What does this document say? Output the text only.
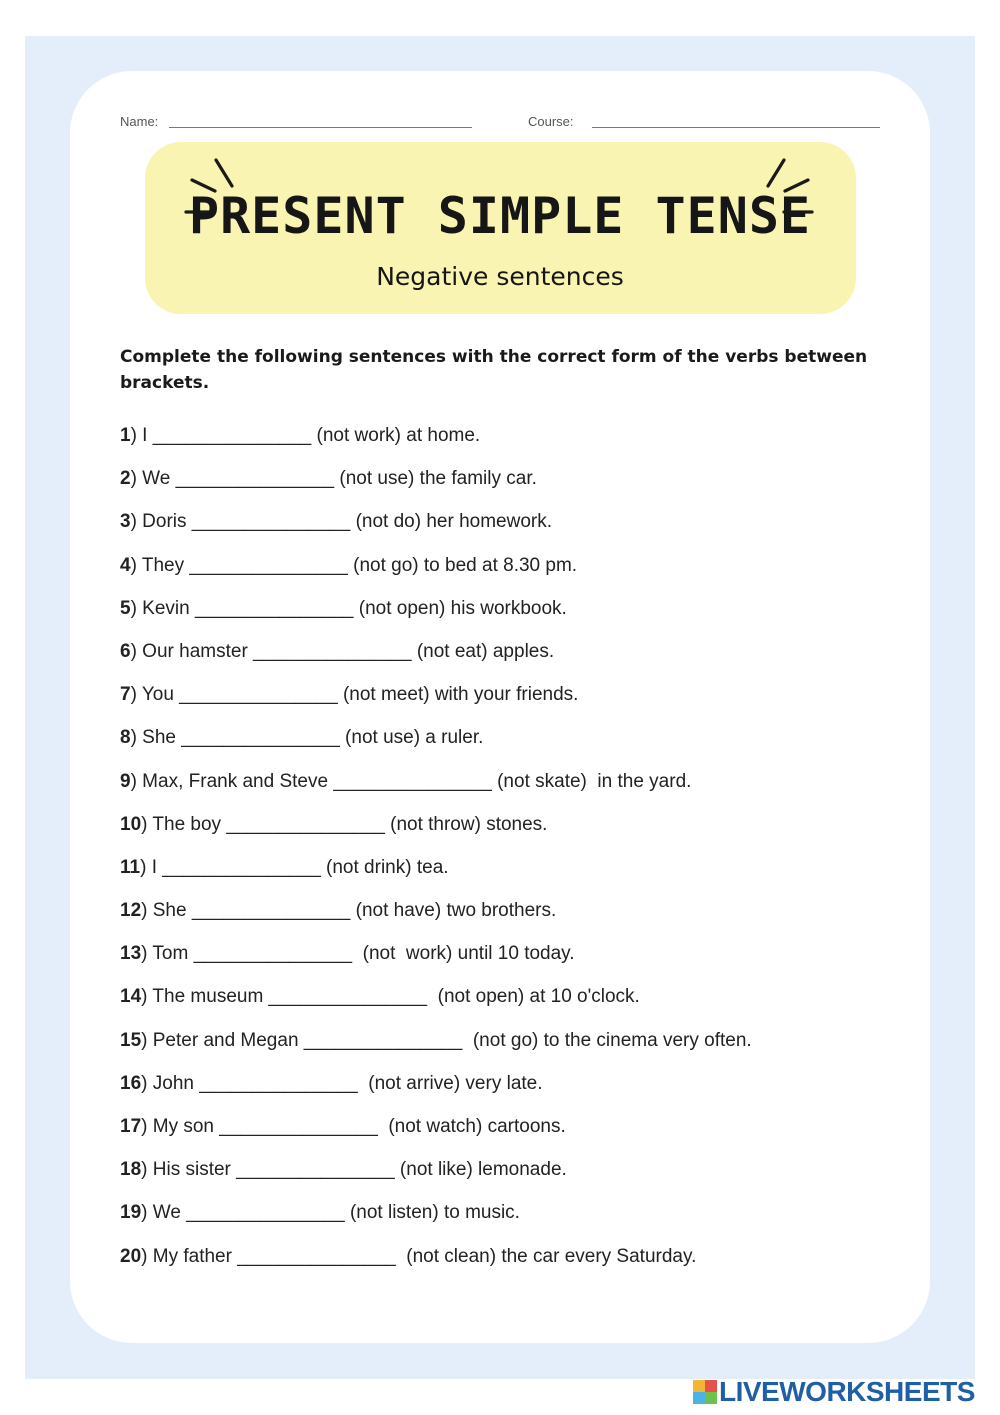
Name:	Course:
PRESENT SIMPLE TENSE
Negative sentences
Complete the following sentences with the correct form of the verbs between brackets.
1) I _______________ (not work) at home.
2) We _______________ (not use) the family car.
3) Doris _______________ (not do) her homework.
4) They _______________ (not go) to bed at 8.30 pm.
5) Kevin _______________ (not open) his workbook.
6) Our hamster _______________ (not eat) apples.
7) You _______________ (not meet) with your friends.
8) She _______________ (not use) a ruler.
9) Max, Frank and Steve _______________ (not skate)  in the yard.
10) The boy _______________ (not throw) stones.
11) I _______________ (not drink) tea.
12) She _______________ (not have) two brothers.
13) Tom _______________  (not  work) until 10 today.
14) The museum _______________  (not open) at 10 o'clock.
15) Peter and Megan _______________  (not go) to the cinema very often.
16) John _______________  (not arrive) very late.
17) My son _______________  (not watch) cartoons.
18) His sister _______________ (not like) lemonade.
19) We _______________ (not listen) to music.
20) My father _______________  (not clean) the car every Saturday.
LIVEWORKSHEETS
